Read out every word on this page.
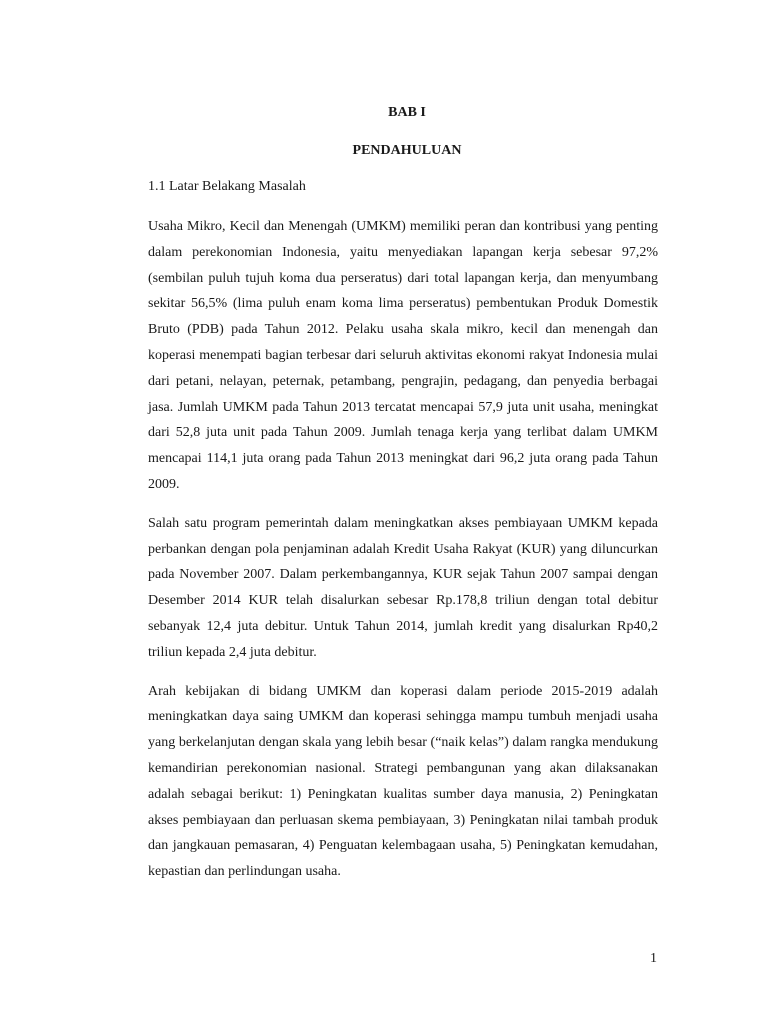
BAB I
PENDAHULUAN
1.1 Latar Belakang Masalah

Usaha Mikro, Kecil dan Menengah (UMKM) memiliki peran dan kontribusi yang penting dalam perekonomian Indonesia, yaitu menyediakan lapangan kerja sebesar 97,2% (sembilan puluh tujuh koma dua perseratus) dari total lapangan kerja, dan menyumbang sekitar 56,5% (lima puluh enam koma lima perseratus) pembentukan Produk Domestik Bruto (PDB) pada Tahun 2012. Pelaku usaha skala mikro, kecil dan menengah dan koperasi menempati bagian terbesar dari seluruh aktivitas ekonomi rakyat Indonesia mulai dari petani, nelayan, peternak, petambang, pengrajin, pedagang, dan penyedia berbagai jasa. Jumlah UMKM pada Tahun 2013 tercatat mencapai 57,9 juta unit usaha, meningkat dari 52,8 juta unit pada Tahun 2009. Jumlah tenaga kerja yang terlibat dalam UMKM mencapai 114,1 juta orang pada Tahun 2013 meningkat dari 96,2 juta orang pada Tahun 2009.

Salah satu program pemerintah dalam meningkatkan akses pembiayaan UMKM kepada perbankan dengan pola penjaminan adalah Kredit Usaha Rakyat (KUR) yang diluncurkan pada November 2007. Dalam perkembangannya, KUR sejak Tahun 2007 sampai dengan Desember 2014 KUR telah disalurkan sebesar Rp.178,8 triliun dengan total debitur sebanyak 12,4 juta debitur. Untuk Tahun 2014, jumlah kredit yang disalurkan Rp40,2 triliun kepada 2,4 juta debitur.

Arah kebijakan di bidang UMKM dan koperasi dalam periode 2015-2019 adalah meningkatkan daya saing UMKM dan koperasi sehingga mampu tumbuh menjadi usaha yang berkelanjutan dengan skala yang lebih besar (“naik kelas”) dalam rangka mendukung kemandirian perekonomian nasional. Strategi pembangunan yang akan dilaksanakan adalah sebagai berikut: 1) Peningkatan kualitas sumber daya manusia, 2) Peningkatan akses pembiayaan dan perluasan skema pembiayaan, 3) Peningkatan nilai tambah produk dan jangkauan pemasaran, 4) Penguatan kelembagaan usaha, 5) Peningkatan kemudahan, kepastian dan perlindungan usaha.

1
